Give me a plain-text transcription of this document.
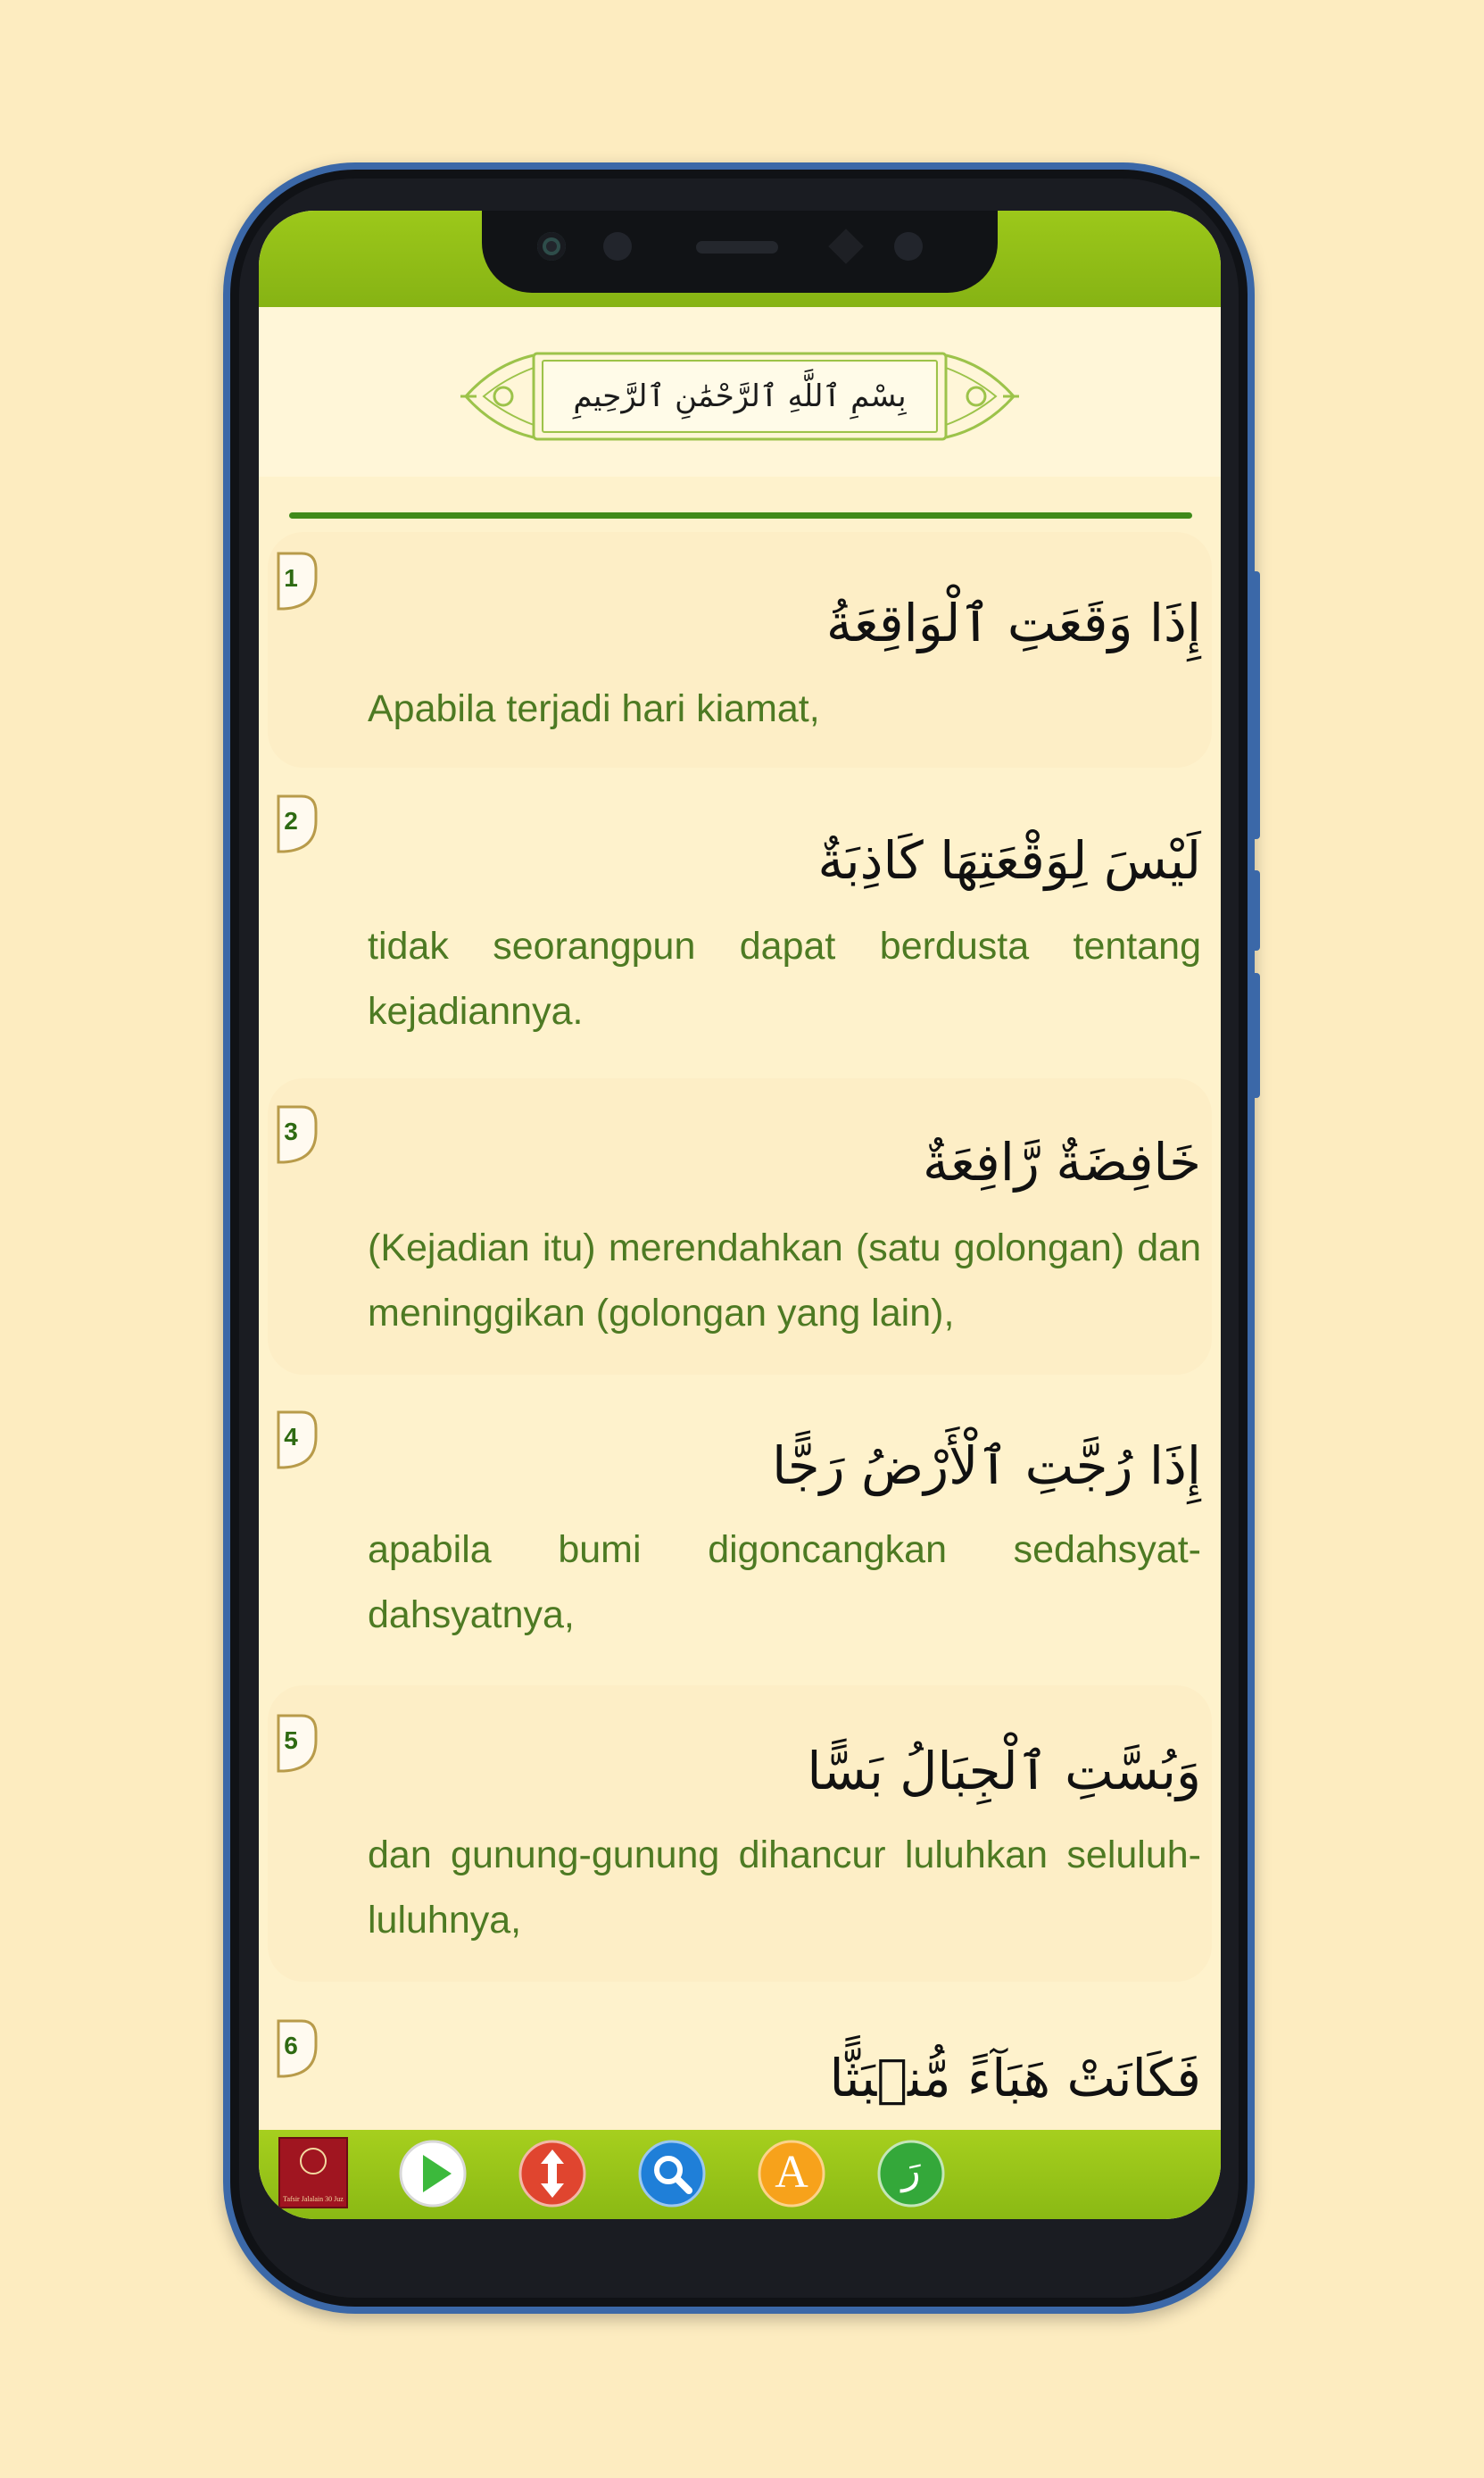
بِسْمِ ٱللَّهِ ٱلرَّحْمَٰنِ ٱلرَّحِيمِ
1
إِذَا وَقَعَتِ ٱلْوَاقِعَةُ
Apabila terjadi hari kiamat,
2
لَيْسَ لِوَقْعَتِهَا كَاذِبَةٌ
tidak seorangpun dapat berdusta tentang kejadiannya.
3
خَافِضَةٌ رَّافِعَةٌ
(Kejadian itu) merendahkan (satu golongan) dan meninggikan (golongan yang lain),
4	إِذَا رُجَّتِ ٱلْأَرْضُ رَجًّا
apabila bumi digoncangkan sedahsyat-dahsyatnya,
5
وَبُسَّتِ ٱلْجِبَالُ بَسًّا
dan gunung-gunung dihancur luluhkan seluluh-luluhnya,
6
فَكَانَتْ هَبَآءً مُّنۢبَثًّا
Tafsir Jalalain 30 Juz
A	رَ
